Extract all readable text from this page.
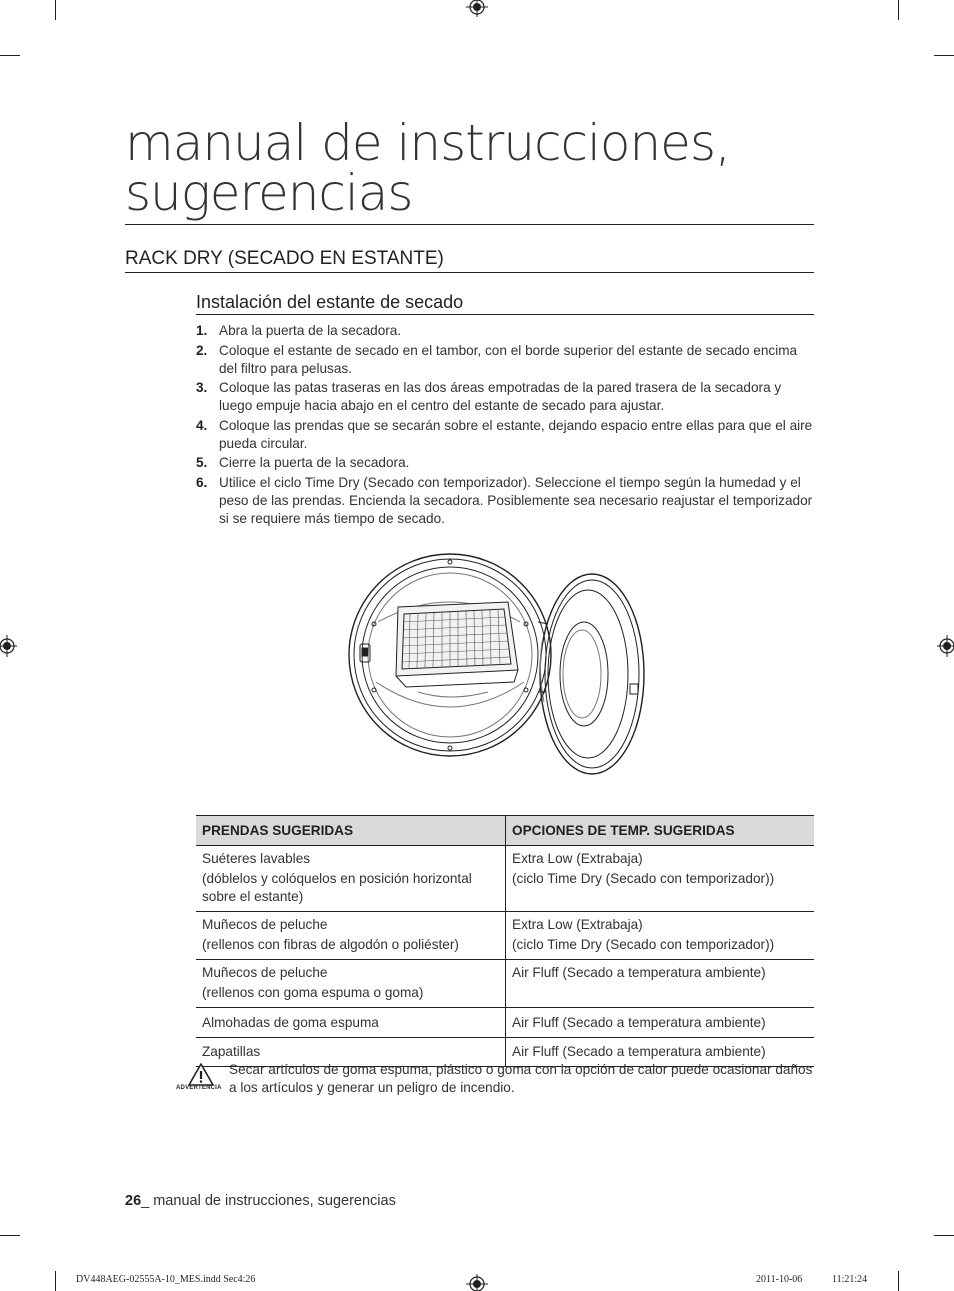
manual de instrucciones,
sugerencias
RACK DRY (SECADO EN ESTANTE)
Instalación del estante de secado
1. Abra la puerta de la secadora.
2. Coloque el estante de secado en el tambor, con el borde superior del estante de secado encima del filtro para pelusas.
3. Coloque las patas traseras en las dos áreas empotradas de la pared trasera de la secadora y luego empuje hacia abajo en el centro del estante de secado para ajustar.
4. Coloque las prendas que se secarán sobre el estante, dejando espacio entre ellas para que el aire pueda circular.
5. Cierre la puerta de la secadora.
6. Utilice el ciclo Time Dry (Secado con temporizador). Seleccione el tiempo según la humedad y el peso de las prendas. Encienda la secadora. Posiblemente sea necesario reajustar el temporizador si se requiere más tiempo de secado.
PRENDAS SUGERIDAS	OPCIONES DE TEMP. SUGERIDAS
Suéteres lavables
(dóblelos y colóquelos en posición horizontal sobre el estante)	Extra Low (Extrabaja)
(ciclo Time Dry (Secado con temporizador))

Muñecos de peluche
(rellenos con fibras de algodón o poliéster)	Extra Low (Extrabaja)
(ciclo Time Dry (Secado con temporizador))

Muñecos de peluche
(rellenos con goma espuma o goma)	Air Fluff (Secado a temperatura ambiente)
Almohadas de goma espuma	Air Fluff (Secado a temperatura ambiente)
Zapatillas	Air Fluff (Secado a temperatura ambiente)
ADVERTENCIA
Secar artículos de goma espuma, plástico o goma con la opción de calor puede ocasionar daños a los artículos y generar un peligro de incendio.
26_ manual de instrucciones, sugerencias
DV448AEG-02555A-10_MES.indd Sec4:26	2011-10-06	11:21:24
